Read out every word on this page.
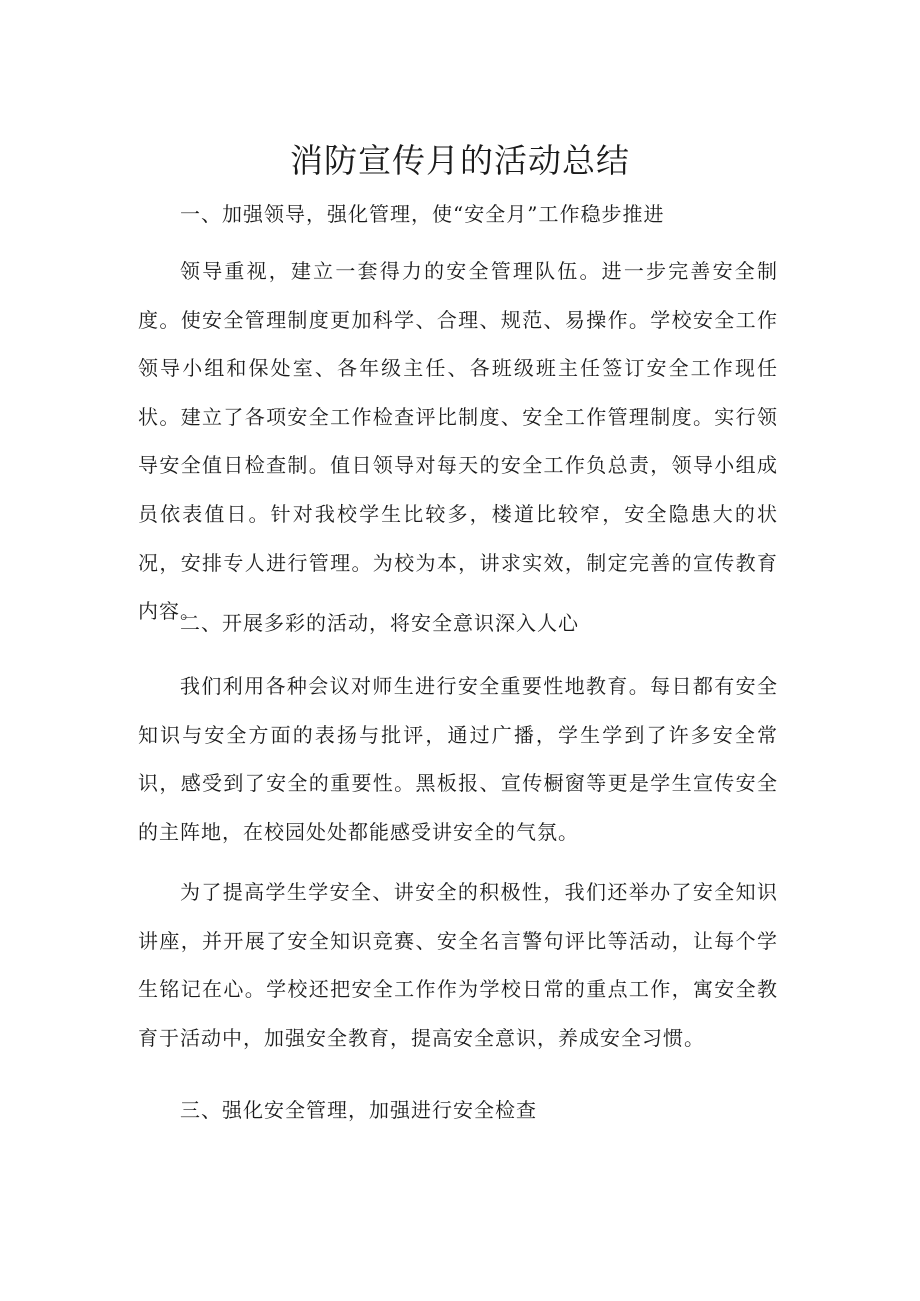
消防宣传月的活动总结

一、加强领导，强化管理，使“安全月”工作稳步推进

领导重视，建立一套得力的安全管理队伍。进一步完善安全制度。使安全管理制度更加科学、合理、规范、易操作。学校安全工作领导小组和保处室、各年级主任、各班级班主任签订安全工作现任状。建立了各项安全工作检查评比制度、安全工作管理制度。实行领导安全值日检查制。值日领导对每天的安全工作负总责，领导小组成员依表值日。针对我校学生比较多，楼道比较窄，安全隐患大的状况，安排专人进行管理。为校为本，讲求实效，制定完善的宣传教育内容。

二、开展多彩的活动，将安全意识深入人心

我们利用各种会议对师生进行安全重要性地教育。每日都有安全知识与安全方面的表扬与批评，通过广播，学生学到了许多安全常识，感受到了安全的重要性。黑板报、宣传橱窗等更是学生宣传安全的主阵地，在校园处处都能感受讲安全的气氛。

为了提高学生学安全、讲安全的积极性，我们还举办了安全知识讲座，并开展了安全知识竞赛、安全名言警句评比等活动，让每个学生铭记在心。学校还把安全工作作为学校日常的重点工作，寓安全教育于活动中，加强安全教育，提高安全意识，养成安全习惯。

三、强化安全管理，加强进行安全检查
